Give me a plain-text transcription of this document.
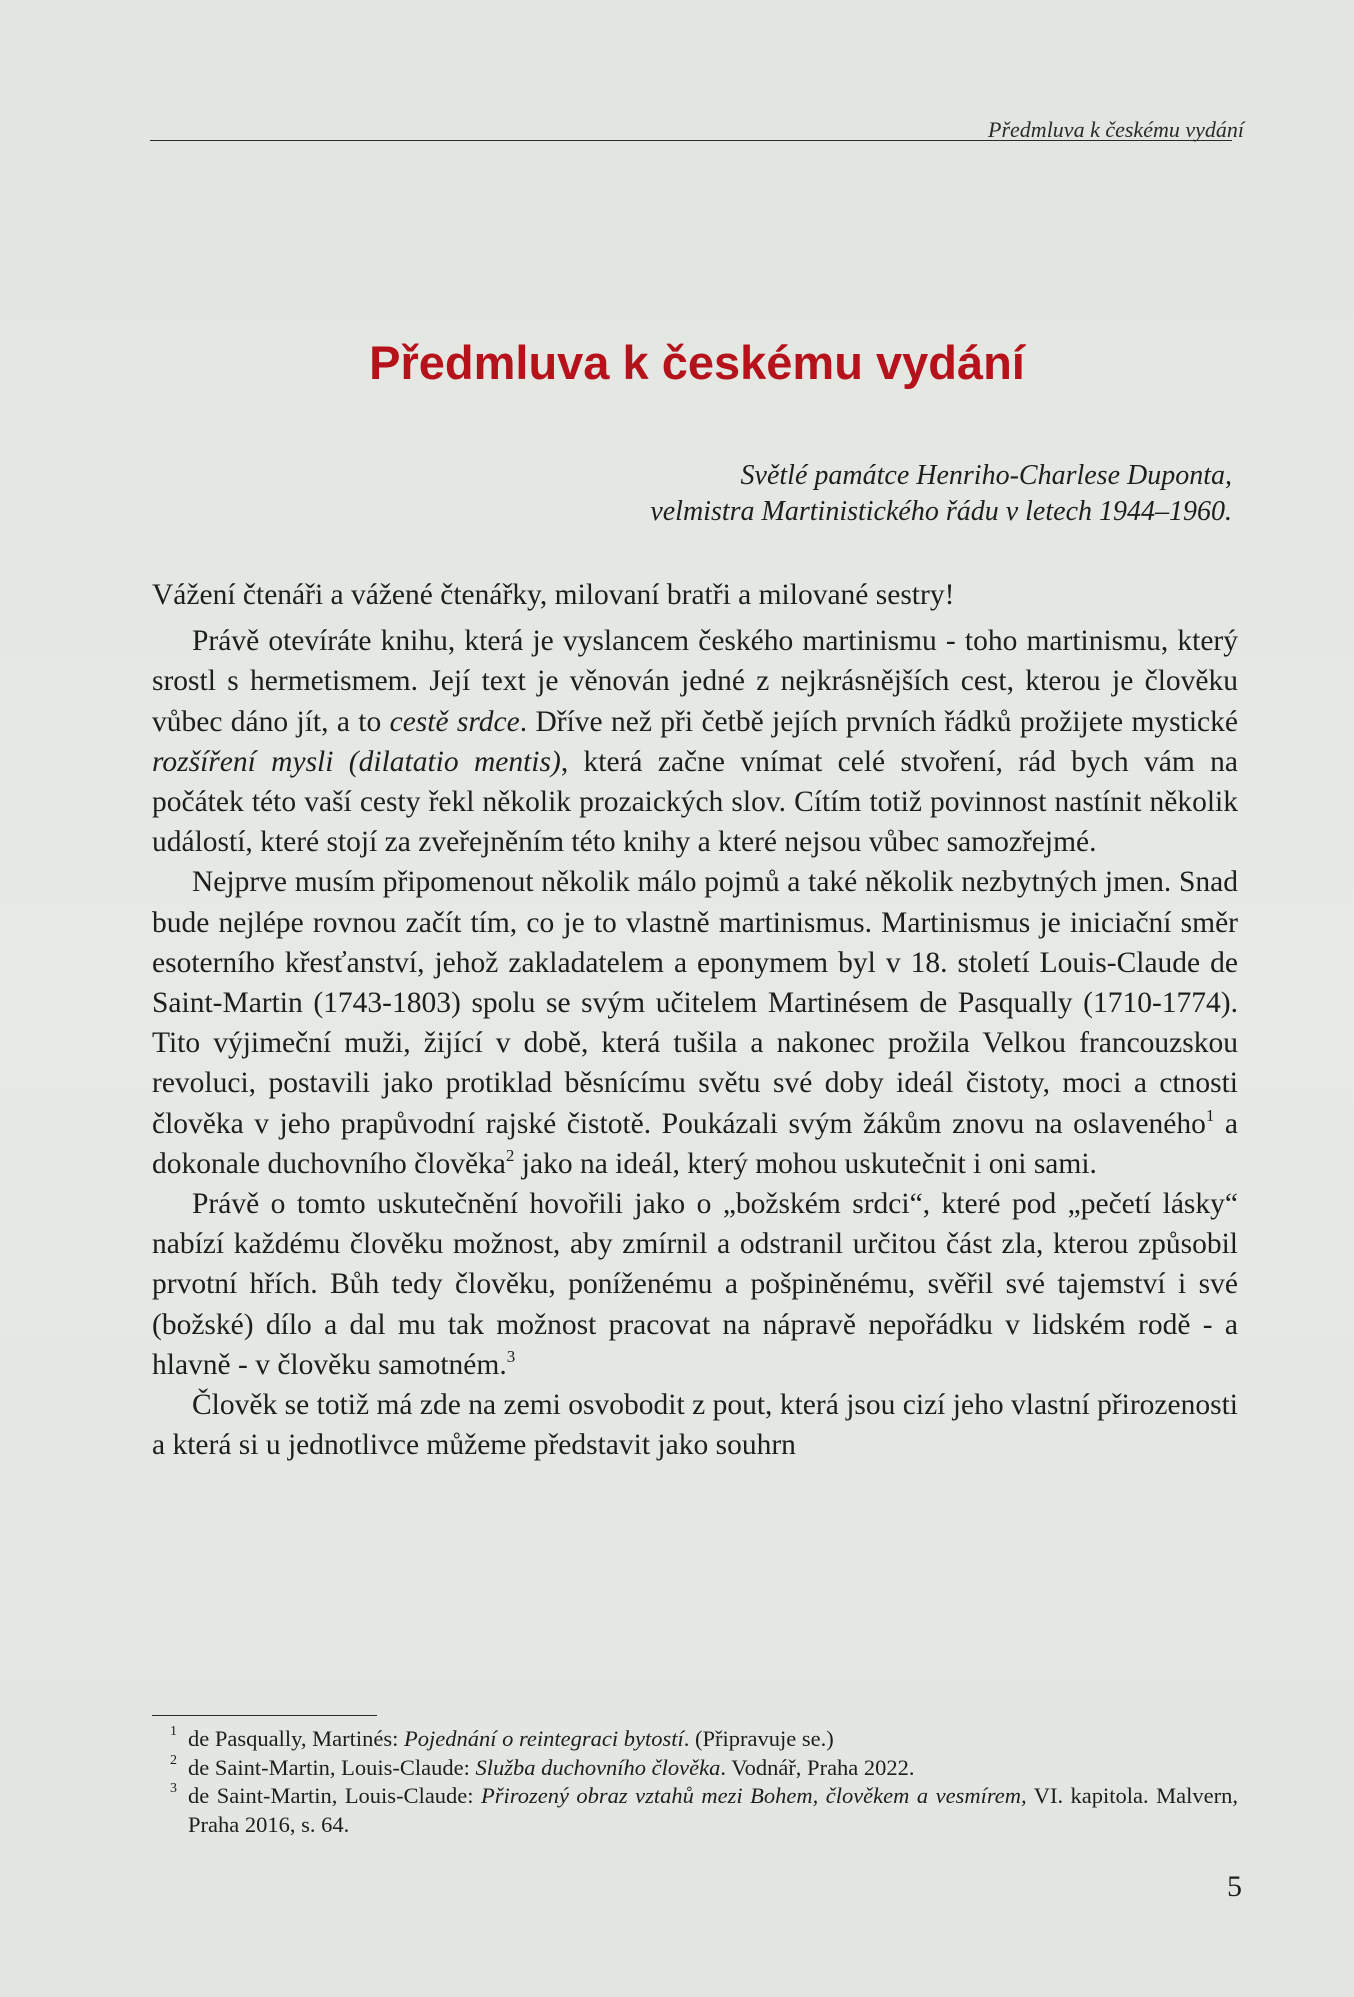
Předmluva k českému vydání
Předmluva k českému vydání
Světlé památce Henriho-Charlese Duponta,
velmistra Martinistického řádu v letech 1944–1960.

Vážení čtenáři a vážené čtenářky, milovaní bratři a milované sestry!

Právě otevíráte knihu, která je vyslancem českého martinismu - toho martinismu, který srostl s hermetismem. Její text je věnován jedné z nejkrásnějších cest, kterou je člověku vůbec dáno jít, a to cestě srdce. Dříve než při četbě jejích prvních řádků prožijete mystické rozšíření mysli (dilatatio mentis), která začne vnímat celé stvoření, rád bych vám na počátek této vaší cesty řekl několik prozaických slov. Cítím totiž povinnost nastínit několik událostí, které stojí za zveřejněním této knihy a které nejsou vůbec samozřejmé.

Nejprve musím připomenout několik málo pojmů a také několik nezbytných jmen. Snad bude nejlépe rovnou začít tím, co je to vlastně martinismus. Martinismus je iniciační směr esoterního křesťanství, jehož zakladatelem a eponymem byl v 18. století Louis-Claude de Saint-Martin (1743-1803) spolu se svým učitelem Martinésem de Pasqually (1710-1774). Tito výjimeční muži, žijící v době, která tušila a nakonec prožila Velkou francouzskou revoluci, postavili jako protiklad běsnícímu světu své doby ideál čistoty, moci a ctnosti člověka v jeho prapůvodní rajské čistotě. Poukázali svým žákům znovu na oslaveného$^1$ a dokonale duchovního člověka$^2$ jako na ideál, který mohou uskutečnit i oni sami.

Právě o tomto uskutečnění hovořili jako o „božském srdci“, které pod „pečetí lásky“ nabízí každému člověku možnost, aby zmírnil a odstranil určitou část zla, kterou způsobil prvotní hřích. Bůh tedy člověku, poníženému a pošpiněnému, svěřil své tajemství i své (božské) dílo a dal mu tak možnost pracovat na nápravě nepořádku v lidském rodě - a hlavně - v člověku samotném.$^3$

Člověk se totiž má zde na zemi osvobodit z pout, která jsou cizí jeho vlastní přirozenosti a která si u jednotlivce můžeme představit jako souhrn

1 de Pasqually, Martinés: Pojednání o reintegraci bytostí. (Připravuje se.)
2 de Saint-Martin, Louis-Claude: Služba duchovního člověka. Vodnář, Praha 2022.
3 de Saint-Martin, Louis-Claude: Přirozený obraz vztahů mezi Bohem, člověkem a vesmírem, VI. kapitola. Malvern, Praha 2016, s. 64.
5
